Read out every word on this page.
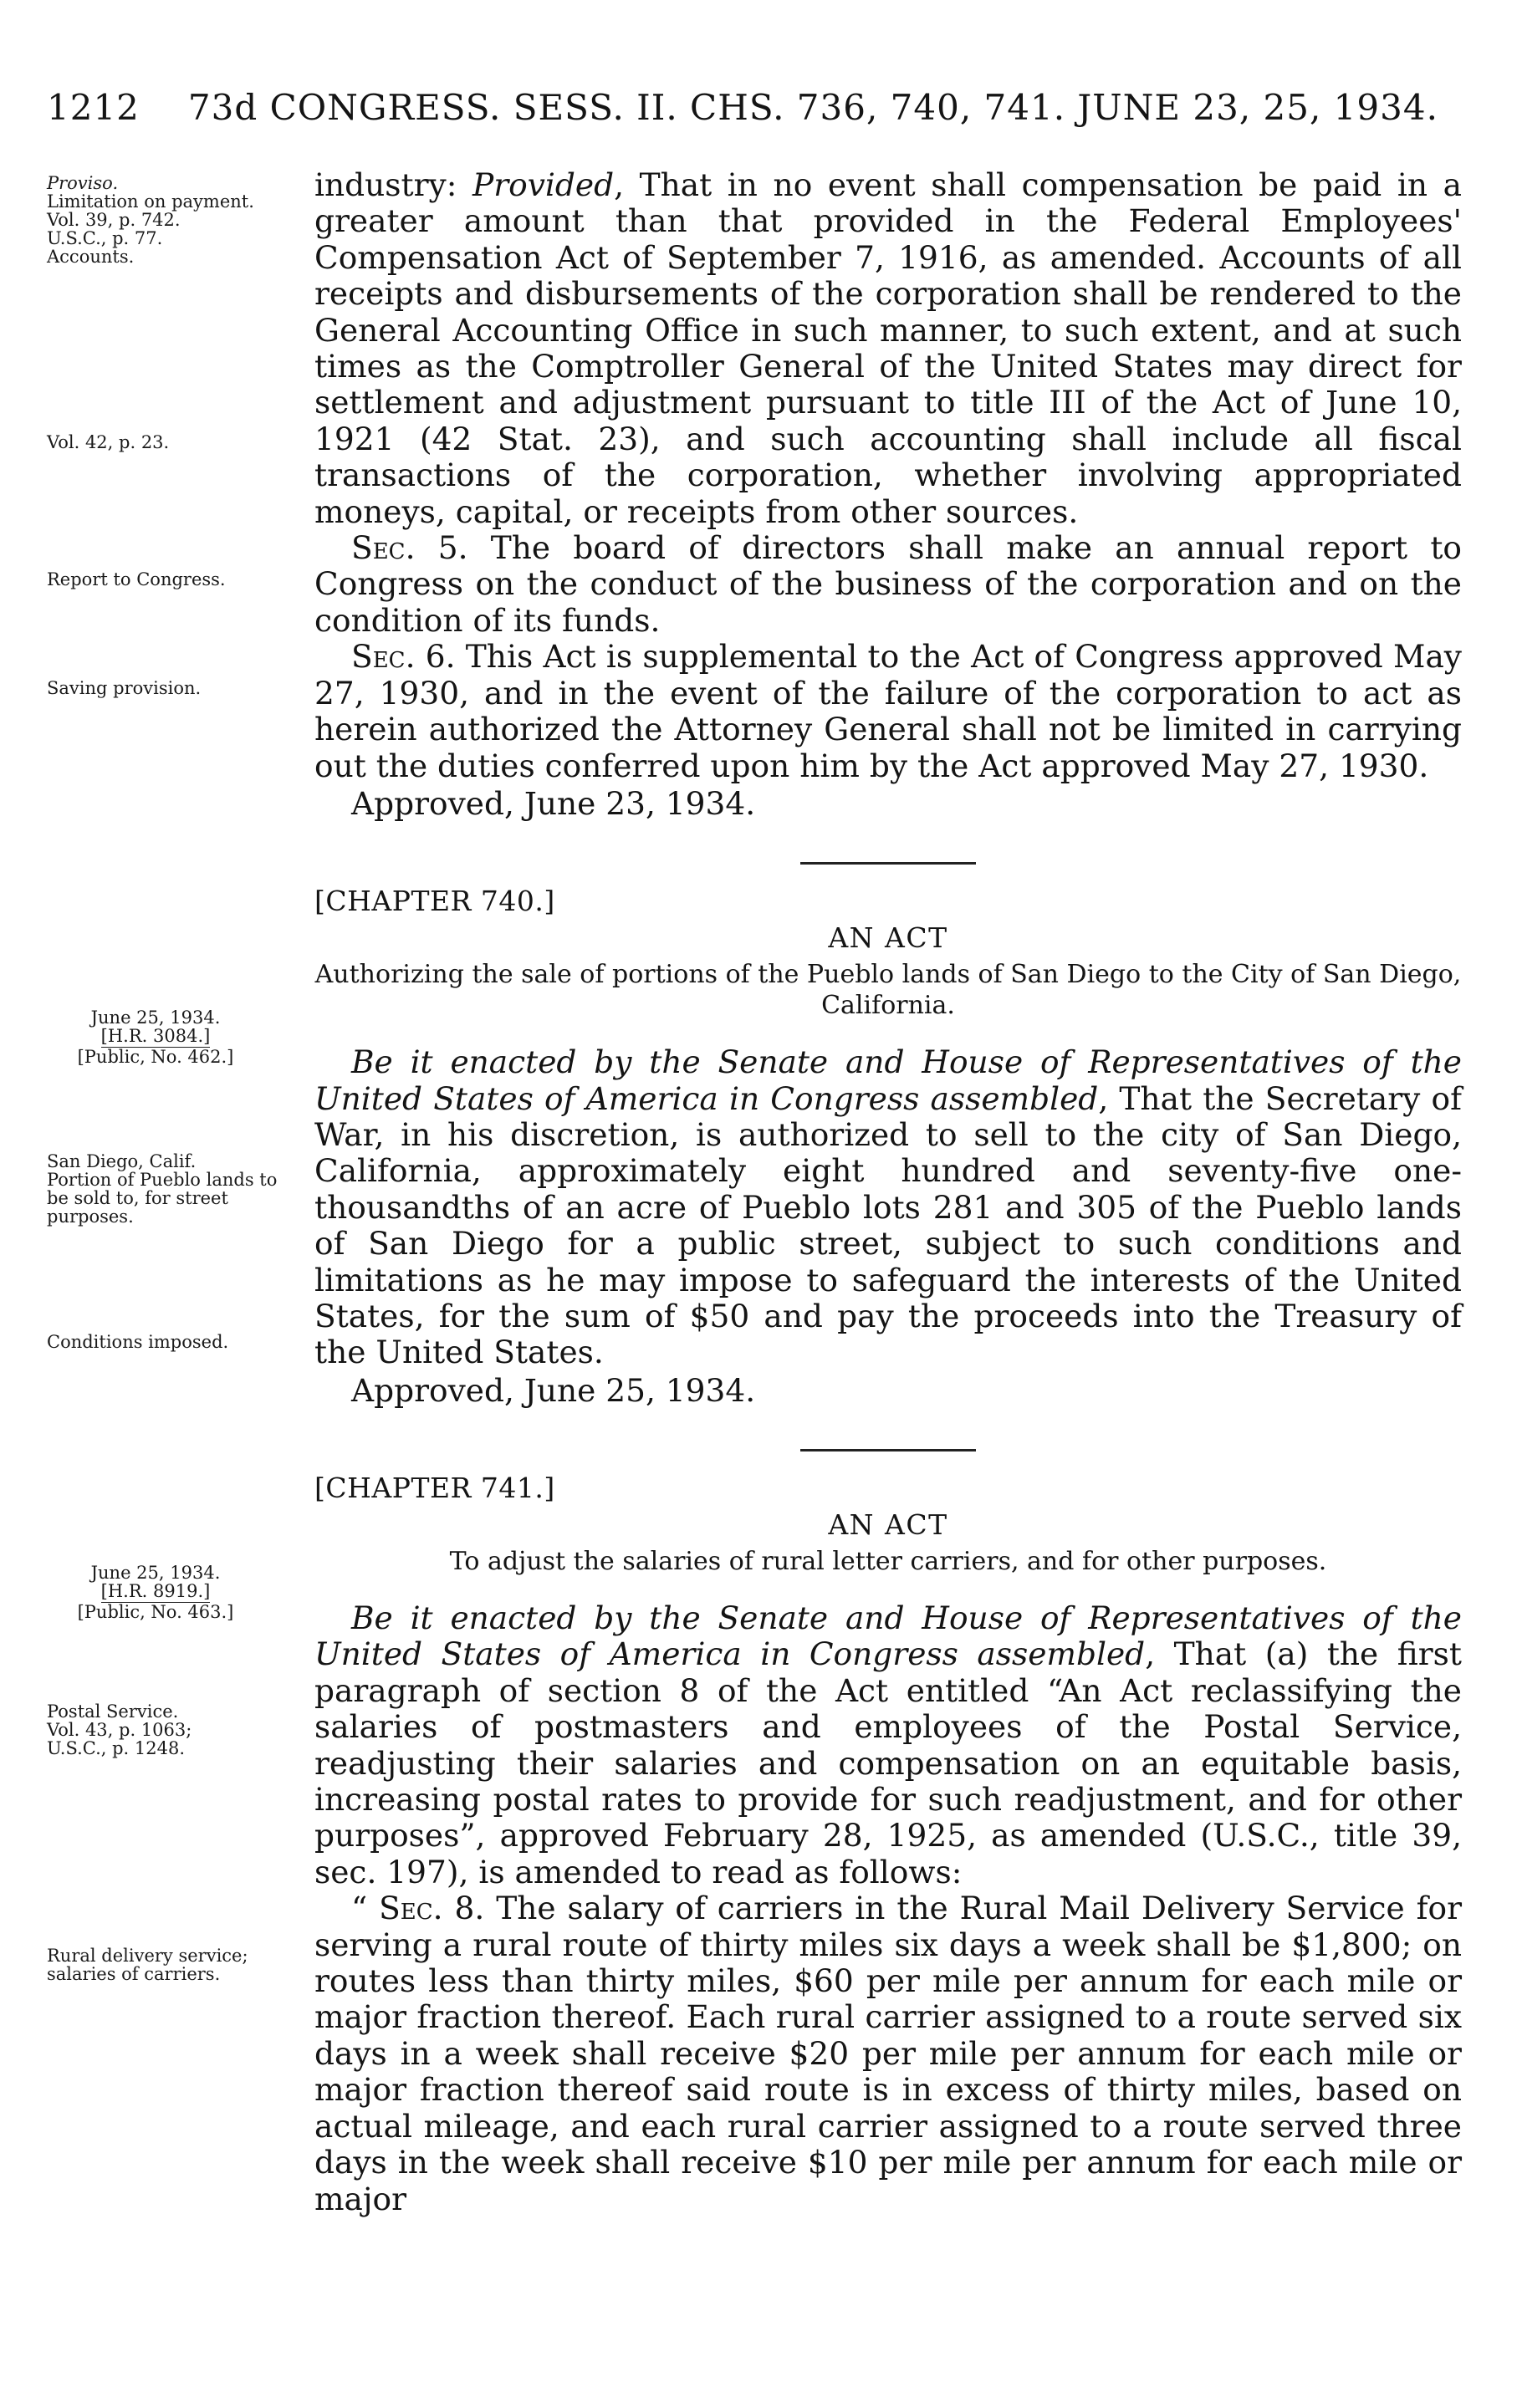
1212 73d CONGRESS. SESS. II. CHS. 736, 740, 741. JUNE 23, 25, 1934.
Proviso.
Limitation on payment.
Vol. 39, p. 742.
U.S.C., p. 77.
Accounts.
Vol. 42, p. 23.
Report to Congress.
Saving provision.
June 25, 1934.
[H.R. 3084.]
[Public, No. 462.]
San Diego, Calif.
Portion of Pueblo lands to be sold to, for street purposes.
Conditions imposed.
June 25, 1934.
[H.R. 8919.]
[Public, No. 463.]
Postal Service.
Vol. 43, p. 1063;
U.S.C., p. 1248.
Rural delivery service; salaries of carriers.

industry: Provided, That in no event shall compensation be paid in a greater amount than that provided in the Federal Employees' Compensation Act of September 7, 1916, as amended. Accounts of all receipts and disbursements of the corporation shall be rendered to the General Accounting Office in such manner, to such extent, and at such times as the Comptroller General of the United States may direct for settlement and adjustment pursuant to title III of the Act of June 10, 1921 (42 Stat. 23), and such accounting shall include all fiscal transactions of the corporation, whether involving appropriated moneys, capital, or receipts from other sources.

Sec. 5. The board of directors shall make an annual report to Congress on the conduct of the business of the corporation and on the condition of its funds.

Sec. 6. This Act is supplemental to the Act of Congress approved May 27, 1930, and in the event of the failure of the corporation to act as herein authorized the Attorney General shall not be limited in carrying out the duties conferred upon him by the Act approved May 27, 1930.

Approved, June 23, 1934.

[CHAPTER 740.]

AN ACT

Authorizing the sale of portions of the Pueblo lands of San Diego to the City of San Diego, California.

Be it enacted by the Senate and House of Representatives of the United States of America in Congress assembled, That the Secretary of War, in his discretion, is authorized to sell to the city of San Diego, California, approximately eight hundred and seventy-five one-thousandths of an acre of Pueblo lots 281 and 305 of the Pueblo lands of San Diego for a public street, subject to such conditions and limitations as he may impose to safeguard the interests of the United States, for the sum of $50 and pay the proceeds into the Treasury of the United States.

Approved, June 25, 1934.

[CHAPTER 741.]

AN ACT

To adjust the salaries of rural letter carriers, and for other purposes.

Be it enacted by the Senate and House of Representatives of the United States of America in Congress assembled, That (a) the first paragraph of section 8 of the Act entitled “An Act reclassifying the salaries of postmasters and employees of the Postal Service, readjusting their salaries and compensation on an equitable basis, increasing postal rates to provide for such readjustment, and for other purposes”, approved February 28, 1925, as amended (U.S.C., title 39, sec. 197), is amended to read as follows:

“ Sec. 8. The salary of carriers in the Rural Mail Delivery Service for serving a rural route of thirty miles six days a week shall be $1,800; on routes less than thirty miles, $60 per mile per annum for each mile or major fraction thereof. Each rural carrier assigned to a route served six days in a week shall receive $20 per mile per annum for each mile or major fraction thereof said route is in excess of thirty miles, based on actual mileage, and each rural carrier assigned to a route served three days in the week shall receive $10 per mile per annum for each mile or major
